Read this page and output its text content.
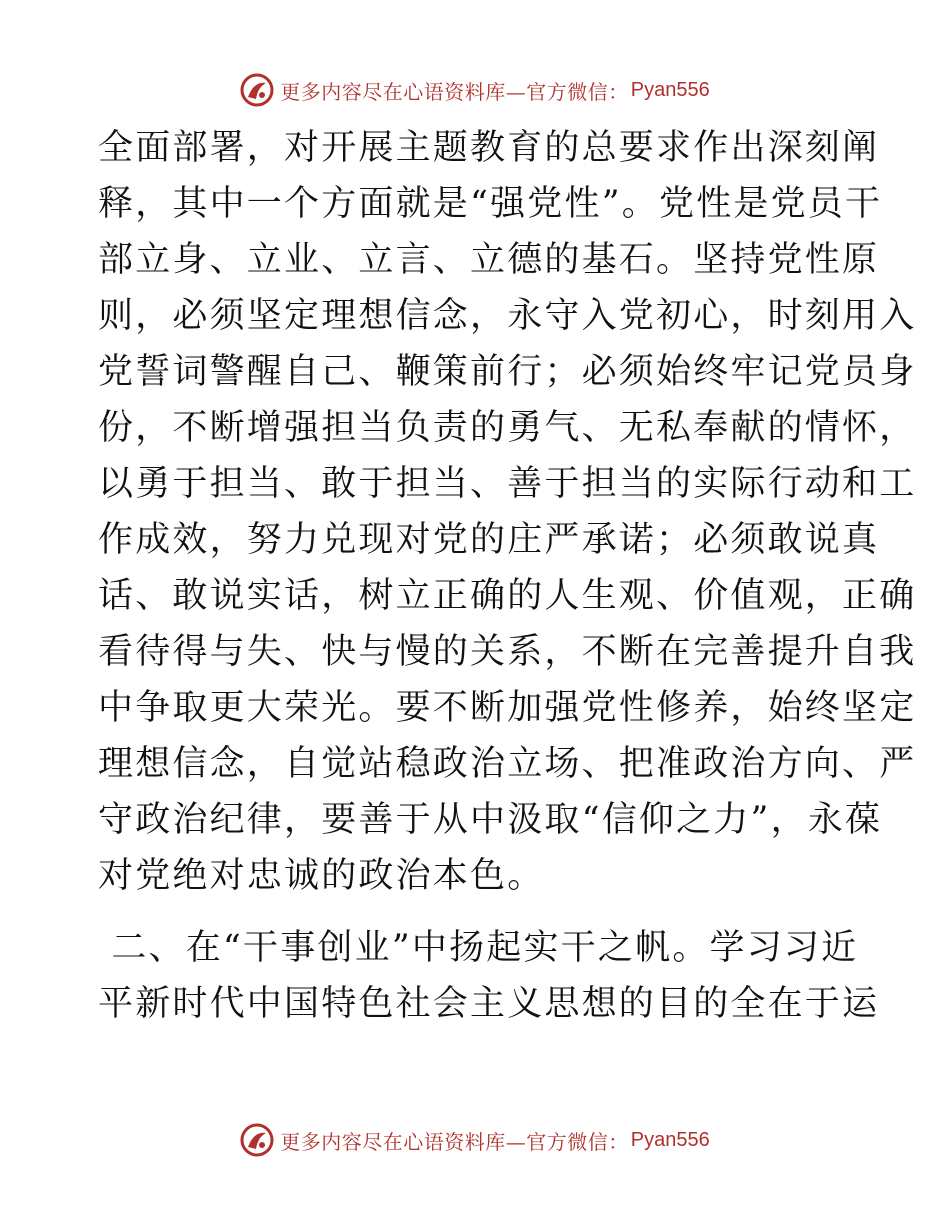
更多内容尽在心语资料库—官方微信： Pyan556
全面部署，对开展主题教育的总要求作出深刻阐
释，其中一个方面就是“强党性”。党性是党员干
部立身、立业、立言、立德的基石。坚持党性原
则，必须坚定理想信念，永守入党初心，时刻用入
党誓词警醒自己、鞭策前行；必须始终牢记党员身
份，不断增强担当负责的勇气、无私奉献的情怀，
以勇于担当、敢于担当、善于担当的实际行动和工
作成效，努力兑现对党的庄严承诺；必须敢说真
话、敢说实话，树立正确的人生观、价值观，正确
看待得与失、快与慢的关系，不断在完善提升自我
中争取更大荣光。要不断加强党性修养，始终坚定
理想信念，自觉站稳政治立场、把准政治方向、严
守政治纪律，要善于从中汲取“信仰之力”，永葆
对党绝对忠诚的政治本色。
二、在“干事创业”中扬起实干之帆。学习习近
平新时代中国特色社会主义思想的目的全在于运
更多内容尽在心语资料库—官方微信： Pyan556
